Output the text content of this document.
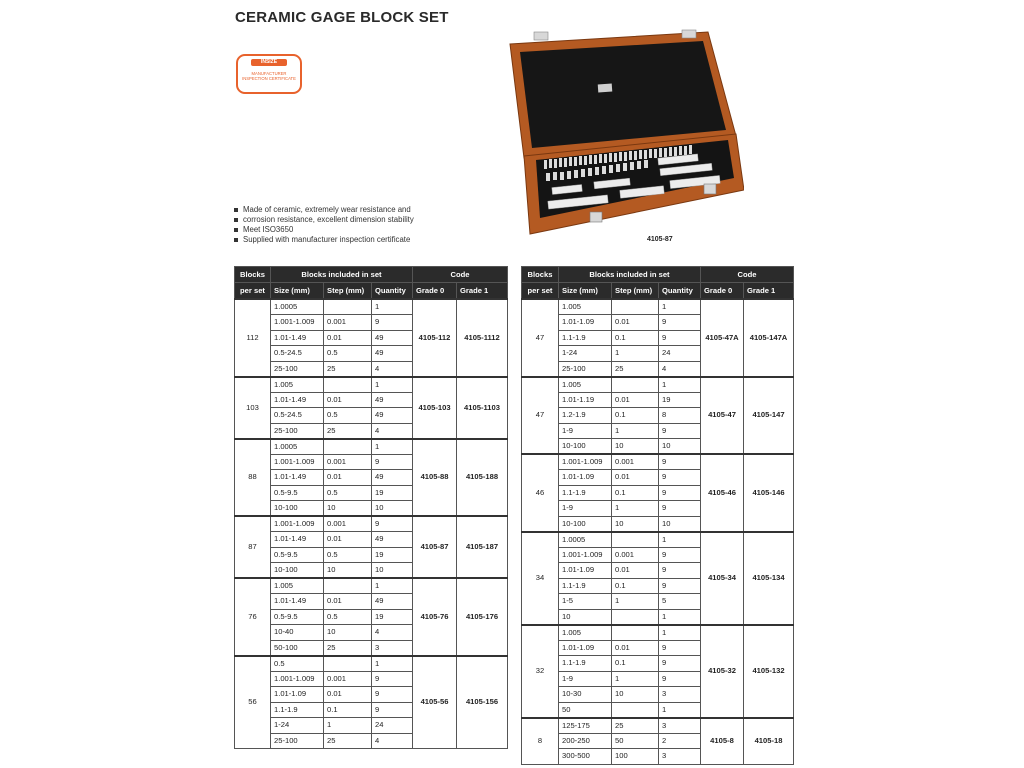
CERAMIC GAGE BLOCK SET
INSIZE
MANUFACTURER
INSPECTION CERTIFICATE
4105-87
Made of ceramic, extremely wear resistance and
corrosion resistance, excellent dimension stability
Meet ISO3650
Supplied with manufacturer inspection certificate
Blocks	Blocks included in set			Code	
per set	Size (mm)	Step (mm)	Quantity	Grade 0	Grade 1
112	1.0005		1	4105-112	4105-1112
	1.001-1.009	0.001	9		
	1.01-1.49	0.01	49		
	0.5-24.5	0.5	49		
	25-100	25	4		
103	1.005		1	4105-103	4105-1103
	1.01-1.49	0.01	49		
	0.5-24.5	0.5	49		
	25-100	25	4		
88	1.0005		1	4105-88	4105-188
	1.001-1.009	0.001	9		
	1.01-1.49	0.01	49		
	0.5-9.5	0.5	19		
	10-100	10	10		
87	1.001-1.009	0.001	9	4105-87	4105-187
	1.01-1.49	0.01	49		
	0.5-9.5	0.5	19		
	10-100	10	10		
76	1.005		1	4105-76	4105-176
	1.01-1.49	0.01	49		
	0.5-9.5	0.5	19		
	10-40	10	4		
	50-100	25	3		
56	0.5		1	4105-56	4105-156
	1.001-1.009	0.001	9		
	1.01-1.09	0.01	9		
	1.1-1.9	0.1	9		
	1-24	1	24		
	25-100	25	4		
Blocks	Blocks included in set			Code	
per set	Size (mm)	Step (mm)	Quantity	Grade 0	Grade 1
47	1.005		1	4105-47A	4105-147A
	1.01-1.09	0.01	9		
	1.1-1.9	0.1	9		
	1-24	1	24		
	25-100	25	4		
47	1.005		1	4105-47	4105-147
	1.01-1.19	0.01	19		
	1.2-1.9	0.1	8		
	1-9	1	9		
	10-100	10	10		
46	1.001-1.009	0.001	9	4105-46	4105-146
	1.01-1.09	0.01	9		
	1.1-1.9	0.1	9		
	1-9	1	9		
	10-100	10	10		
34	1.0005		1	4105-34	4105-134
	1.001-1.009	0.001	9		
	1.01-1.09	0.01	9		
	1.1-1.9	0.1	9		
	1-5	1	5		
	10		1		
32	1.005		1	4105-32	4105-132
	1.01-1.09	0.01	9		
	1.1-1.9	0.1	9		
	1-9	1	9		
	10-30	10	3		
	50		1		
8	125-175	25	3	4105-8	4105-18
	200-250	50	2		
	300-500	100	3		
